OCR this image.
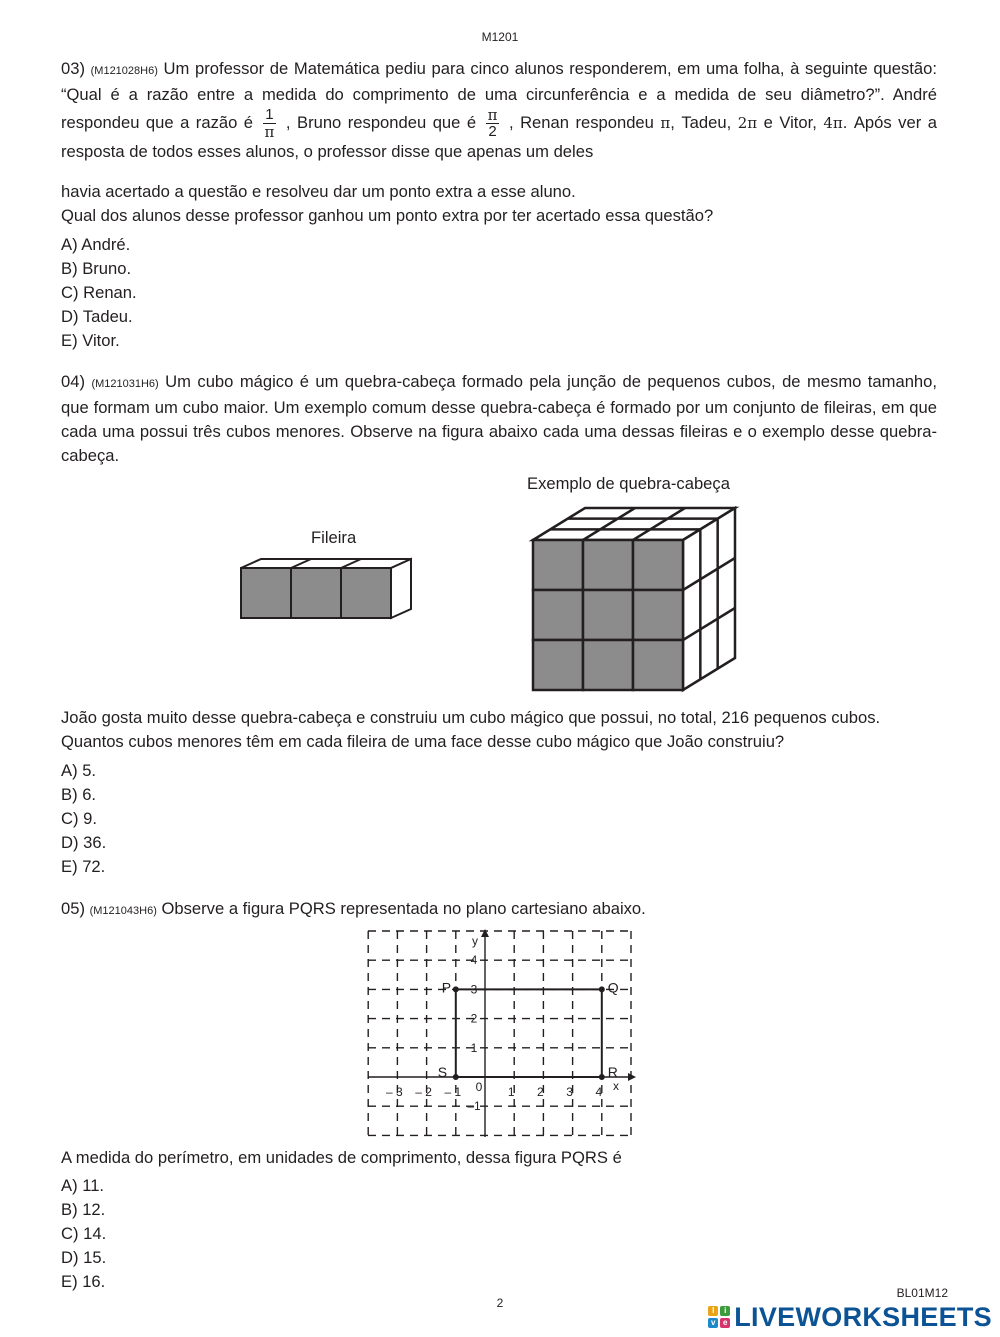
M1201
03) (M121028H6) Um professor de Matemática pediu para cinco alunos responderem, em uma folha, à seguinte questão: “Qual é a razão entre a medida do comprimento de uma circunferência e a medida de seu diâmetro?”. André respondeu que a razão é $\frac{1}{\pi}$ , Bruno respondeu que é $\frac{\pi}{2}$ , Renan respondeu π, Tadeu, 2π e Vitor, 4π. Após ver a resposta de todos esses alunos, o professor disse que apenas um deles
havia acertado a questão e resolveu dar um ponto extra a esse aluno.
Qual dos alunos desse professor ganhou um ponto extra por ter acertado essa questão?
A) André.
B) Bruno.
C) Renan.
D) Tadeu.
E) Vitor.
04) (M121031H6) Um cubo mágico é um quebra-cabeça formado pela junção de pequenos cubos, de mesmo tamanho, que formam um cubo maior. Um exemplo comum desse quebra-cabeça é formado por um conjunto de fileiras, em que cada uma possui três cubos menores. Observe na figura abaixo cada uma dessas fileiras e o exemplo desse quebra-cabeça.
Exemplo de quebra-cabeça
Fileira
João gosta muito desse quebra-cabeça e construiu um cubo mágico que possui, no total, 216 pequenos cubos.
Quantos cubos menores têm em cada fileira de uma face desse cubo mágico que João construiu?
A) 5.
B) 6.
C) 9.
D) 36.
E) 72.
05) (M121043H6) Observe a figura PQRS representada no plano cartesiano abaixo.
y
x
0
– 3 – 2 – 1	1 2 3 4
4
3
2
1
–1
P	Q
R
S
A medida do perímetro, em unidades de comprimento, dessa figura PQRS é
A) 11.
B) 12.
C) 14.
D) 15.
E) 16.
BL01M12
2
l	i
v e LIVEWORKSHEETS
